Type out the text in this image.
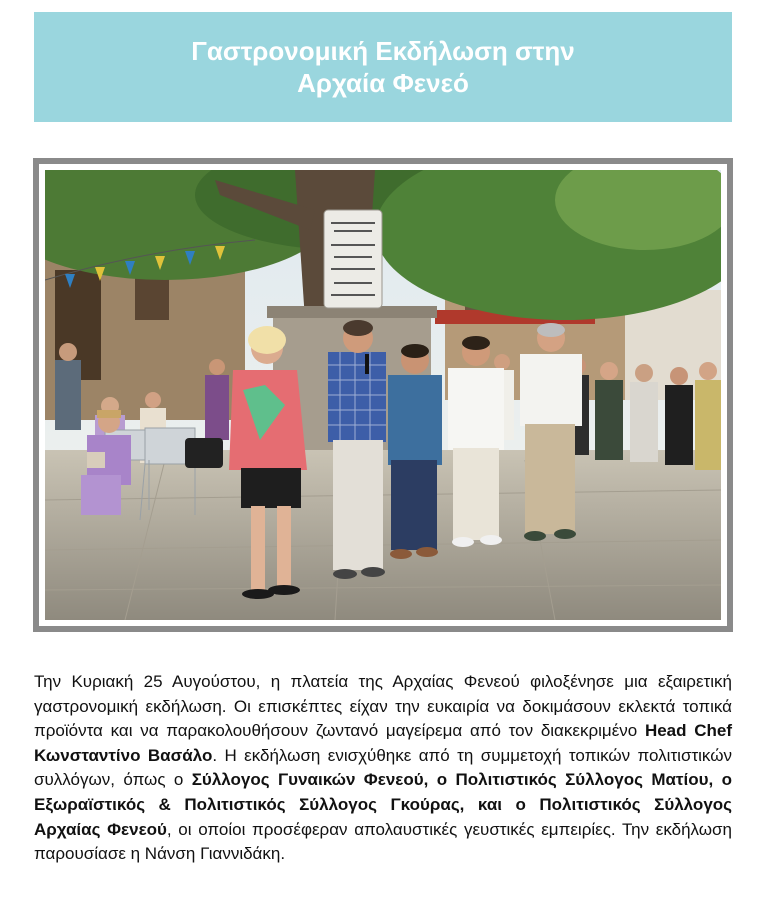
Γαστρονομική Εκδήλωση στην
Αρχαία Φενεό

Την Κυριακή 25 Αυγούστου, η πλατεία της Αρχαίας Φενεού φιλοξένησε μια εξαιρετική γαστρονομική εκδήλωση. Οι επισκέπτες είχαν την ευκαιρία να δοκιμάσουν εκλεκτά τοπικά προϊόντα και να παρακολουθήσουν ζωντανό μαγείρεμα από τον διακεκριμένο Head Chef Κωνσταντίνο Βασάλο. Η εκδήλωση ενισχύθηκε από τη συμμετοχή τοπικών πολιτιστικών συλλόγων, όπως ο Σύλλογος Γυναικών Φενεού, ο Πολιτιστικός Σύλλογος Ματίου, ο Εξωραϊστικός & Πολιτιστικός Σύλλογος Γκούρας, και ο Πολιτιστικός Σύλλογος Αρχαίας Φενεού, οι οποίοι προσέφεραν απολαυστικές γευστικές εμπειρίες. Την εκδήλωση παρουσίασε η Νάνση Γιαννιδάκη.
